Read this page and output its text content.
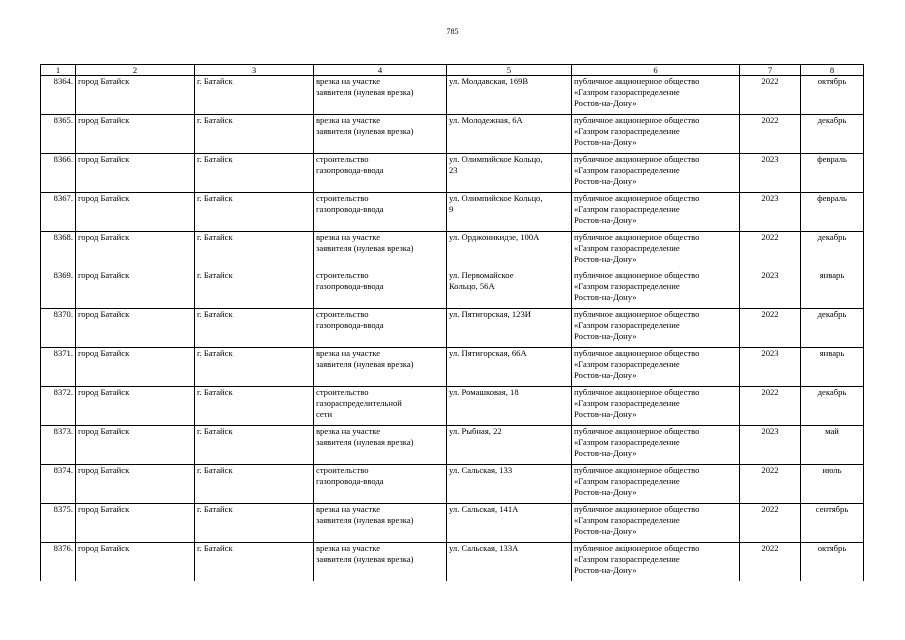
785
1	2	3	4	5	6	7	8
8364.	город Батайск	г. Батайск	врезка на участке
заявителя (нулевая врезка)	ул. Молдавская, 169В	публичное акционерное общество
«Газпром газораспределение
Ростов-на-Дону»	2022	октябрь
8365.	город Батайск	г. Батайск	врезка на участке
заявителя (нулевая врезка)	ул. Молодежная, 6А	публичное акционерное общество
«Газпром газораспределение
Ростов-на-Дону»	2022	декабрь
8366.	город Батайск	г. Батайск	строительство
газопровода-ввода	ул. Олимпийское Кольцо,
23	публичное акционерное общество
«Газпром газораспределение
Ростов-на-Дону»	2023	февраль
8367.	город Батайск	г. Батайск	строительство
газопровода-ввода	ул. Олимпийское Кольцо,
9	публичное акционерное общество
«Газпром газораспределение
Ростов-на-Дону»	2023	февраль
8368.	город Батайск	г. Батайск	врезка на участке
заявителя (нулевая врезка)	ул. Орджоникидзе, 100А	публичное акционерное общество
«Газпром газораспределение
Ростов-на-Дону»	2022	декабрь
8369.	город Батайск	г. Батайск	строительство
газопровода-ввода	ул. Первомайское
Кольцо, 56А	публичное акционерное общество
«Газпром газораспределение
Ростов-на-Дону»	2023	январь
8370.	город Батайск	г. Батайск	строительство
газопровода-ввода	ул. Пятигорская, 123И	публичное акционерное общество
«Газпром газораспределение
Ростов-на-Дону»	2022	декабрь
8371.	город Батайск	г. Батайск	врезка на участке
заявителя (нулевая врезка)	ул. Пятигорская, 66А	публичное акционерное общество
«Газпром газораспределение
Ростов-на-Дону»	2023	январь
8372.	город Батайск	г. Батайск	строительство
газораспределительной
сети	ул. Ромашковая, 18	публичное акционерное общество
«Газпром газораспределение
Ростов-на-Дону»	2022	декабрь
8373.	город Батайск	г. Батайск	врезка на участке
заявителя (нулевая врезка)	ул. Рыбная, 22	публичное акционерное общество
«Газпром газораспределение
Ростов-на-Дону»	2023	май
8374.	город Батайск	г. Батайск	строительство
газопровода-ввода	ул. Сальская, 133	публичное акционерное общество
«Газпром газораспределение
Ростов-на-Дону»	2022	июль
8375.	город Батайск	г. Батайск	врезка на участке
заявителя (нулевая врезка)	ул. Сальская, 141А	публичное акционерное общество
«Газпром газораспределение
Ростов-на-Дону»	2022	сентябрь
8376.	город Батайск	г. Батайск	врезка на участке
заявителя (нулевая врезка)	ул. Сальская, 133А	публичное акционерное общество
«Газпром газораспределение
Ростов-на-Дону»	2022	октябрь
